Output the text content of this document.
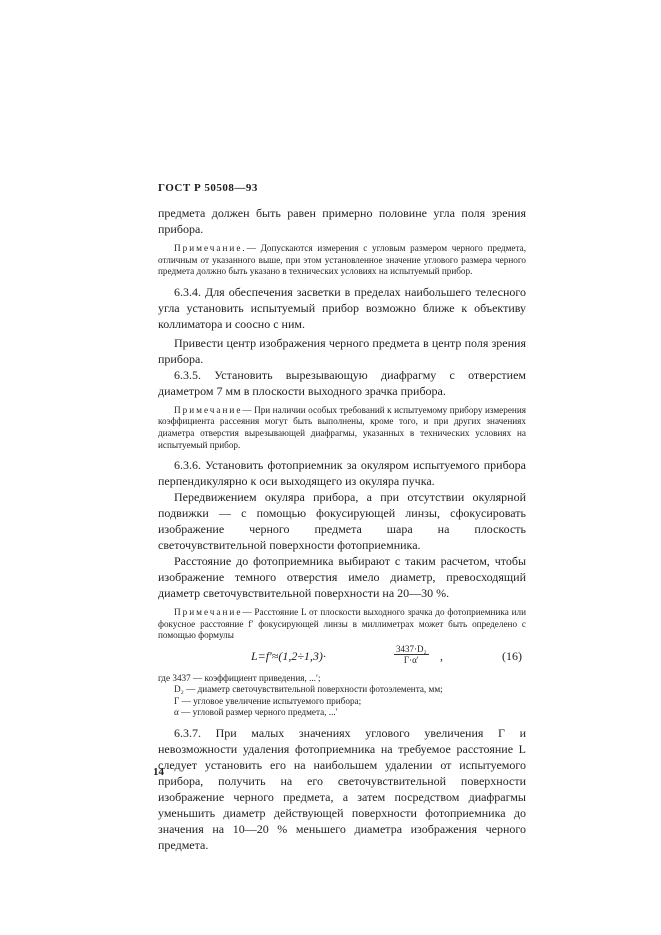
ГОСТ Р 50508—93

предмета должен быть равен примерно половине угла поля зрения прибора.

Примечание.— Допускаются измерения с угловым размером черного предмета, отличным от указанного выше, при этом установленное значение углового размера черного предмета должно быть указано в технических условиях на испытуемый прибор.

6.3.4. Для обеспечения засветки в пределах наибольшего телесного угла установить испытуемый прибор возможно ближе к объективу коллиматора и соосно с ним.

Привести центр изображения черного предмета в центр поля зрения прибора.

6.3.5. Установить вырезывающую диафрагму с отверстием диаметром 7 мм в плоскости выходного зрачка прибора.

Примечание— При наличии особых требований к испытуемому прибору измерения коэффициента рассеяния могут быть выполнены, кроме того, и при других значениях диаметра отверстия вырезывающей диафрагмы, указанных в технических условиях на испытуемый прибор.

6.3.6. Установить фотоприемник за окуляром испытуемого прибора перпендикулярно к оси выходящего из окуляра пучка.

Передвижением окуляра прибора, а при отсутствии окулярной подвижки — с помощью фокусирующей линзы, сфокусировать изображение черного предмета шара на плоскость светочувствительной поверхности фотоприемника.

Расстояние до фотоприемника выбирают с таким расчетом, чтобы изображение темного отверстия имело диаметр, превосходящий диаметр светочувствительной поверхности на 20—30 %.

Примечание— Расстояние L от плоскости выходного зрачка до фотоприемника или фокусное расстояние f′ фокусирующей линзы в миллиметрах может быть определено с помощью формулы

L=f′≈(1,2÷1,3)·	$\frac{\text{3437·D₂}}{\Gamma\cdot\alpha'}$ ,	(16)

где 3437 — коэффициент приведения, ...′;

D₂ — диаметр светочувствительной поверхности фотоэлемента, мм;

Γ — угловое увеличение испытуемого прибора;

α — угловой размер черного предмета, ...′

6.3.7. При малых значениях углового увеличения Γ и невозможности удаления фотоприемника на требуемое расстояние L следует установить его на наибольшем удалении от испытуемого прибора, получить на его светочувствительной поверхности изображение черного предмета, а затем посредством диафрагмы уменьшить диаметр действующей поверхности фотоприемника до значения на 10—20 % меньшего диаметра изображения черного предмета.

14
